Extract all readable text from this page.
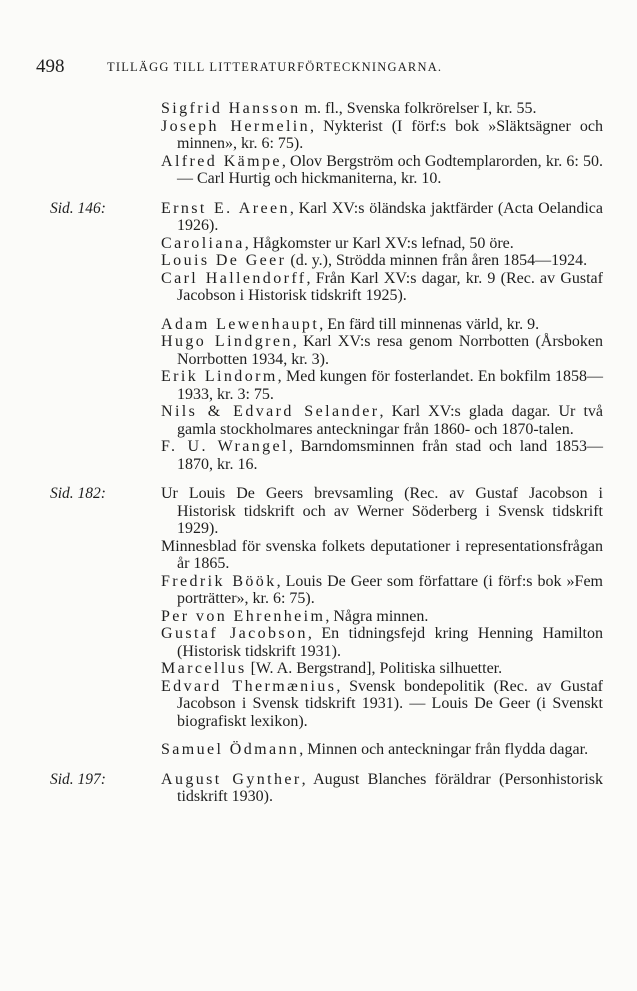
498	TILLÄGG TILL LITTERATURFÖRTECKNINGARNA.
Sigfrid Hansson m. fl., Svenska folkrörelser I, kr. 55.
Joseph Hermelin, Nykterist (I förf:s bok »Släktsägner och minnen», kr. 6: 75).
Alfred Kämpe, Olov Bergström och Godtemplarorden, kr. 6: 50. — Carl Hurtig och hickmaniterna, kr. 10.
Sid. 146:	Ernst E. Areen, Karl XV:s öländska jaktfärder (Acta Oelandica 1926).
Caroliana, Hågkomster ur Karl XV:s lefnad, 50 öre.
Louis De Geer (d. y.), Strödda minnen från åren 1854—1924.
Carl Hallendorff, Från Karl XV:s dagar, kr. 9 (Rec. av Gustaf Jacobson i Historisk tidskrift 1925).
Adam Lewenhaupt, En färd till minnenas värld, kr. 9.
Hugo Lindgren, Karl XV:s resa genom Norrbotten (Årsboken Norrbotten 1934, kr. 3).
Erik Lindorm, Med kungen för fosterlandet. En bokfilm 1858—1933, kr. 3: 75.
Nils & Edvard Selander, Karl XV:s glada dagar. Ur två gamla stockholmares anteckningar från 1860- och 1870-talen.
F. U. Wrangel, Barndomsminnen från stad och land 1853—1870, kr. 16.
Sid. 182:	Ur Louis De Geers brevsamling (Rec. av Gustaf Jacobson i Historisk tidskrift och av Werner Söderberg i Svensk tidskrift 1929).
Minnesblad för svenska folkets deputationer i representationsfrågan år 1865.
Fredrik Böök, Louis De Geer som författare (i förf:s bok »Fem porträtter», kr. 6: 75).
Per von Ehrenheim, Några minnen.
Gustaf Jacobson, En tidningsfejd kring Henning Hamilton (Historisk tidskrift 1931).
Marcellus [W. A. Bergstrand], Politiska silhuetter.
Edvard Thermænius, Svensk bondepolitik (Rec. av Gustaf Jacobson i Svensk tidskrift 1931). — Louis De Geer (i Svenskt biografiskt lexikon).
Samuel Ödmann, Minnen och anteckningar från flydda dagar.
Sid. 197:	August Gynther, August Blanches föräldrar (Personhistorisk tidskrift 1930).
